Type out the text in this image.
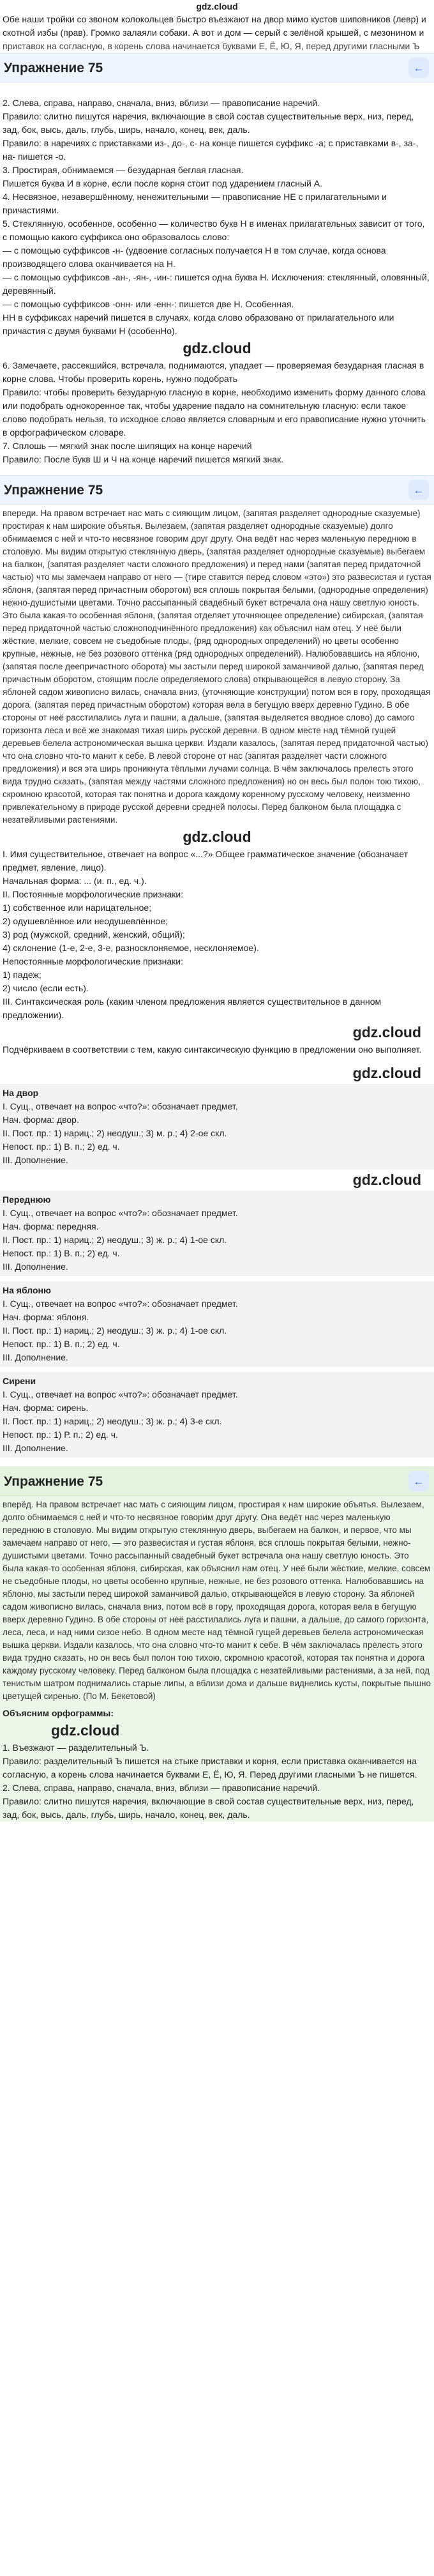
gdz.cloud

Обе наши тройки со звоном колокольцев быстро въезжают на двор мимо кустов шиповников (левр) и скотной избы (прав). Громко залаяли собаки. А вот и дом — серый с зелёной крышей, с мезонином и

приставок на согласную, в корень слова начинается буквами Е, Ё, Ю, Я, перед другими гласными Ъ

Упражнение 75	←
2. Слева, справа, направо, сначала, вниз, вблизи — правописание наречий.
Правило: слитно пишутся наречия, включающие в свой состав существительные верх, низ, перед, зад, бок, высь, даль, глубь, ширь, начало, конец, век, даль.
Правило: в наречиях с приставками из-, до-, с- на конце пишется суффикс -а; с приставками в-, за-, на- пишется -о.
3. Простирая, обнимаемся — безударная беглая гласная.
Пишется буква И в корне, если после корня стоит под ударением гласный А.
4. Несвязное, незавершённому, ненежительными — правописание НЕ с прилагательными и причастиями.
5. Стеклянную, особенное, особенно — количество букв Н в именах прилагательных зависит от того, с помощью какого суффикса оно образовалось слово:
— с помощью суффиксов -н- (удвоение согласных получается Н в том случае, когда основа производящего слова оканчивается на Н.
— с помощью суффиксов -ан-, -ян-, -ин-: пишется одна буква Н. Исключения: стеклянный, оловянный, деревянный.
— с помощью суффиксов -онн- или -енн-: пишется две Н. Особенная.
НН в суффиксах наречий пишется в случаях, когда слово образовано от прилагательного или причастия с двумя буквами Н (особенНо).
gdz.cloud
6. Замечаете, рассекшийся, встречала, поднимаются, упадает — проверяемая безударная гласная в корне слова. Чтобы проверить корень, нужно подобрать
Правило: чтобы проверить безударную гласную в корне, необходимо изменить форму данного слова или подобрать однокоренное так, чтобы ударение падало на сомнительную гласную: если такое слово подобрать нельзя, то исходное слово является словарным и его правописание нужно уточнить в орфографическом словаре.
7. Сплошь — мягкий знак после шипящих на конце наречий
Правило: После букв Ш и Ч на конце наречий пишется мягкий знак.
Упражнение 75	←

впереди. На правом встречает нас мать с сияющим лицом, (запятая разделяет однородные сказуемые) простирая к нам широкие объятья. Вылезаем, (запятая разделяет однородные сказуемые) долго обнимаемся с ней и что-то несвязное говорим друг другу. Она ведёт нас через маленькую переднюю в столовую. Мы видим открытую стеклянную дверь, (запятая разделяет однородные сказуемые) выбегаем на балкон, (запятая разделяет части сложного предложения) и перед нами (запятая перед придаточной частью) что мы замечаем направо от него — (тире ставится перед словом «это») это развесистая и густая яблоня, (запятая перед причастным оборотом) вся сплошь покрытая белыми, (однородные определения) нежно-душистыми цветами. Точно рассыпанный свадебный букет встречала она нашу светлую юность. Это была какая-то особенная яблоня, (запятая отделяет уточняющее определение) сибирская, (запятая перед придаточной частью сложноподчинённого предложения) как объяснил нам отец. У неё были жёсткие, мелкие, совсем не съедобные плоды, (ряд однородных определений) но цветы особенно крупные, нежные, не без розового оттенка (ряд однородных определений). Налюбовавшись на яблоню, (запятая после деепричастного оборота) мы застыли перед широкой заманчивой далью, (запятая перед причастным оборотом, стоящим после определяемого слова) открывающейся в левую сторону. За яблоней садом живописно вилась, сначала вниз, (уточняющие конструкции) потом вся в гору, проходящая дорога, (запятая перед причастным оборотом) которая вела в бегущую вверх деревню Гудино. В обе стороны от неё расстилались луга и пашни, а дальше, (запятая выделяется вводное слово) до самого горизонта леса и всё же знакомая тихая ширь русской деревни. В одном месте над тёмной гущей деревьев белела астрономическая вышка церкви. Издали казалось, (запятая перед придаточной частью) что она словно что-то манит к себе. В левой стороне от нас (запятая разделяет части сложного предложения) и вся эта ширь проникнута тёплыми лучами солнца. В чём заключалось прелесть этого вида трудно сказать, (запятая между частями сложного предложения) но он весь был полон тою тихою, скромною красотой, которая так понятна и дорога каждому коренному русскому человеку, неизменно привлекательному в природе русской деревни средней полосы. Перед балконом была площадка с незатейливыми растениями.

gdz.cloud

I. Имя существительное, отвечает на вопрос «...?» Общее грамматическое значение (обозначает предмет, явление, лицо).

Начальная форма: ... (и. п., ед. ч.).
II. Постоянные морфологические признаки:
1) собственное или нарицательное;
2) одушевлённое или неодушевлённое;
3) род (мужской, средний, женский, общий);
4) склонение (1-е, 2-е, 3-е, разносклоняемое, несклоняемое).
Непостоянные морфологические признаки:
1) падеж;
2) число (если есть).
III. Синтаксическая роль (каким членом предложения является существительное в данном предложении).
gdz.cloud
Подчёркиваем в соответствии с тем, какую синтаксическую функцию в предложении оно выполняет.
gdz.cloud
На двор
I. Сущ., отвечает на вопрос «что?»: обозначает предмет.
Нач. форма: двор.
II. Пост. пр.: 1) нариц.; 2) неодуш.; 3) м. р.; 4) 2-ое скл.
Непост. пр.: 1) В. п.; 2) ед. ч.
III. Дополнение.
gdz.cloud
Переднюю
I. Сущ., отвечает на вопрос «что?»: обозначает предмет.
Нач. форма: передняя.
II. Пост. пр.: 1) нариц.; 2) неодуш.; 3) ж. р.; 4) 1-ое скл.
Непост. пр.: 1) В. п.; 2) ед. ч.
III. Дополнение.
На яблоню
I. Сущ., отвечает на вопрос «что?»: обозначает предмет.
Нач. форма: яблоня.
II. Пост. пр.: 1) нариц.; 2) неодуш.; 3) ж. р.; 4) 1-ое скл.
Непост. пр.: 1) В. п.; 2) ед. ч.
III. Дополнение.
Сирени
I. Сущ., отвечает на вопрос «что?»: обозначает предмет.
Нач. форма: сирень.
II. Пост. пр.: 1) нариц.; 2) неодуш.; 3) ж. р.; 4) 3-е скл.
Непост. пр.: 1) Р. п.; 2) ед. ч.
III. Дополнение.
Упражнение 75	←

вперёд. На правом встречает нас мать с сияющим лицом, простирая к нам широкие объятья. Вылезаем, долго обнимаемся с ней и что-то несвязное говорим друг другу. Она ведёт нас через маленькую переднюю в столовую. Мы видим открытую стеклянную дверь, выбегаем на балкон, и первое, что мы замечаем направо от него, — это развесистая и густая яблоня, вся сплошь покрытая белыми, нежно-душистыми цветами. Точно рассыпанный свадебный букет встречала она нашу светлую юность. Это была какая-то особенная яблоня, сибирская, как объяснил нам отец. У неё были жёсткие, мелкие, совсем не съедобные плоды, но цветы особенно крупные, нежные, не без розового оттенка. Налюбовавшись на яблоню, мы застыли перед широкой заманчивой далью, открывающейся в левую сторону. За яблоней садом живописно вилась, сначала вниз, потом всё в гору, проходящая дорога, которая вела в бегущую вверх деревню Гудино. В обе стороны от неё расстилались луга и пашни, а дальше, до самого горизонта, леса, леса, и над ними сизое небо. В одном месте над тёмной гущей деревьев белела астрономическая вышка церкви. Издали казалось, что она словно что-то манит к себе. В чём заключалась прелесть этого вида трудно сказать, но он весь был полон тою тихою, скромною красотой, которая так понятна и дорога каждому русскому человеку. Перед балконом была площадка с незатейливыми растениями, а за ней, под тенистым шатром поднимались старые липы, а вблизи дома и дальше виднелись кусты, покрытые пышно цветущей сиренью. (По М. Бекетовой)

Объясним орфограммы:
gdz.cloud
1. Въезжают — разделительный Ъ.
Правило: разделительный Ъ пишется на стыке приставки и корня, если приставка оканчивается на согласную, а корень слова начинается буквами Е, Ё, Ю, Я. Перед другими гласными Ъ не пишется.
2. Слева, справа, направо, сначала, вниз, вблизи — правописание наречий.
Правило: слитно пишутся наречия, включающие в свой состав существительные верх, низ, перед, зад, бок, высь, даль, глубь, ширь, начало, конец, век, даль.
